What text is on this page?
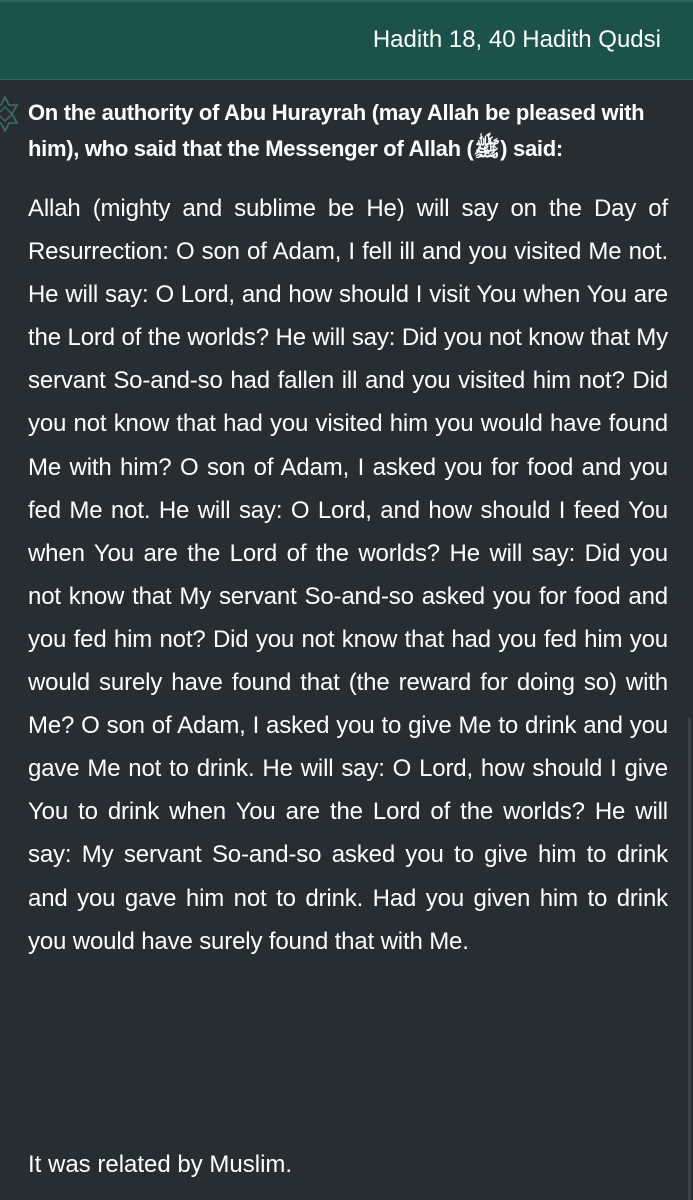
Hadith 18, 40 Hadith Qudsi
On the authority of Abu Hurayrah (may Allah be pleased with him), who said that the Messenger of Allah (ﷺ) said:
Allah (mighty and sublime be He) will say on the Day of Resurrection: O son of Adam, I fell ill and you visited Me not. He will say: O Lord, and how should I visit You when You are the Lord of the worlds? He will say: Did you not know that My servant So-and-so had fallen ill and you visited him not? Did you not know that had you visited him you would have found Me with him? O son of Adam, I asked you for food and you fed Me not. He will say: O Lord, and how should I feed You when You are the Lord of the worlds? He will say: Did you not know that My servant So-and-so asked you for food and you fed him not? Did you not know that had you fed him you would surely have found that (the reward for doing so) with Me? O son of Adam, I asked you to give Me to drink and you gave Me not to drink. He will say: O Lord, how should I give You to drink when You are the Lord of the worlds? He will say: My servant So-and-so asked you to give him to drink and you gave him not to drink. Had you given him to drink you would have surely found that with Me.
It was related by Muslim.
